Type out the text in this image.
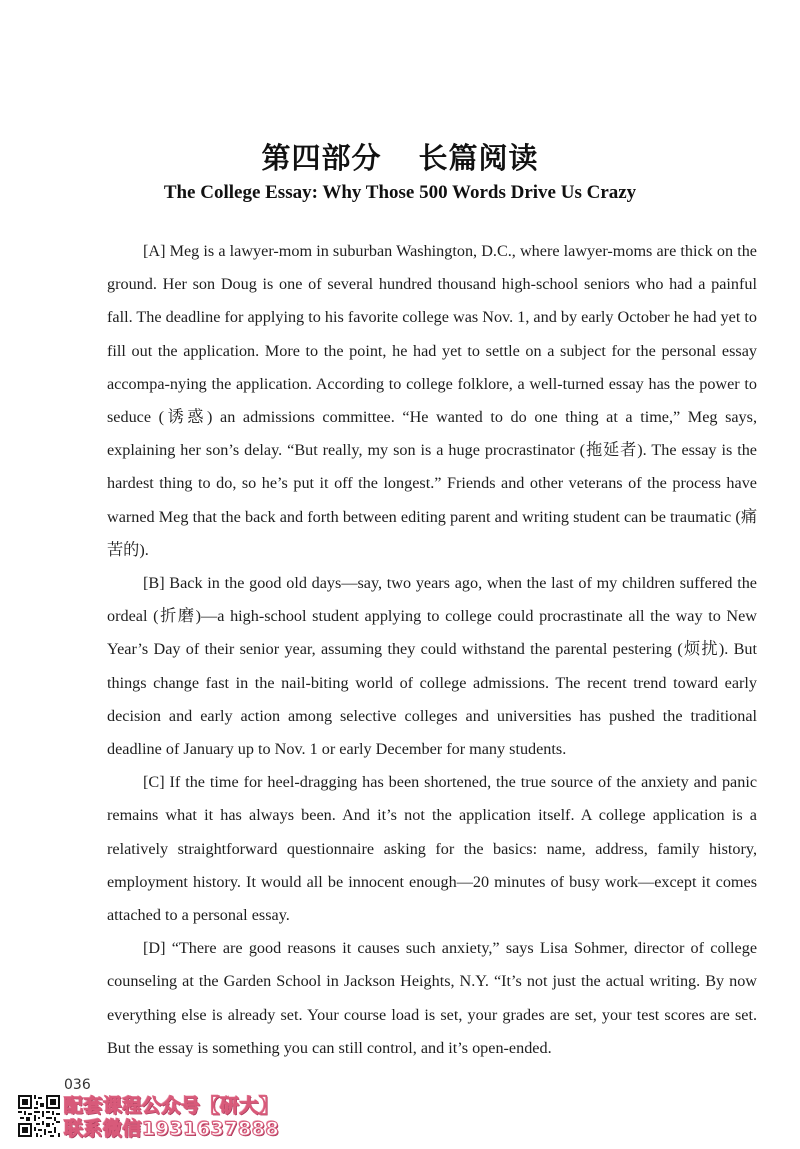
第四部分 长篇阅读
The College Essay: Why Those 500 Words Drive Us Crazy

[A] Meg is a lawyer-mom in suburban Washington, D.C., where lawyer-moms are thick on the ground. Her son Doug is one of several hundred thousand high-school seniors who had a painful fall. The deadline for applying to his favorite college was Nov. 1, and by early October he had yet to fill out the application. More to the point, he had yet to settle on a subject for the personal essay accompa-nying the application. According to college folklore, a well-turned essay has the power to seduce (诱惑) an admissions committee. “He wanted to do one thing at a time,” Meg says, explaining her son’s delay. “But really, my son is a huge procrastinator (拖延者). The essay is the hardest thing to do, so he’s put it off the longest.” Friends and other veterans of the process have warned Meg that the back and forth between editing parent and writing student can be traumatic (痛苦的).

[B] Back in the good old days—say, two years ago, when the last of my children suffered the ordeal (折磨)—a high-school student applying to college could procrastinate all the way to New Year’s Day of their senior year, assuming they could withstand the parental pestering (烦扰). But things change fast in the nail-biting world of college admissions. The recent trend toward early decision and early action among selective colleges and universities has pushed the traditional deadline of January up to Nov. 1 or early December for many students.

[C] If the time for heel-dragging has been shortened, the true source of the anxiety and panic remains what it has always been. And it’s not the application itself. A college application is a relatively straightforward questionnaire asking for the basics: name, address, family history, employment history. It would all be innocent enough—20 minutes of busy work—except it comes attached to a personal essay.

[D] “There are good reasons it causes such anxiety,” says Lisa Sohmer, director of college counseling at the Garden School in Jackson Heights, N.Y. “It’s not just the actual writing. By now everything else is already set. Your course load is set, your grades are set, your test scores are set. But the essay is something you can still control, and it’s open-ended.

036
配套课程公众号【研大】
联系微信1931637888
